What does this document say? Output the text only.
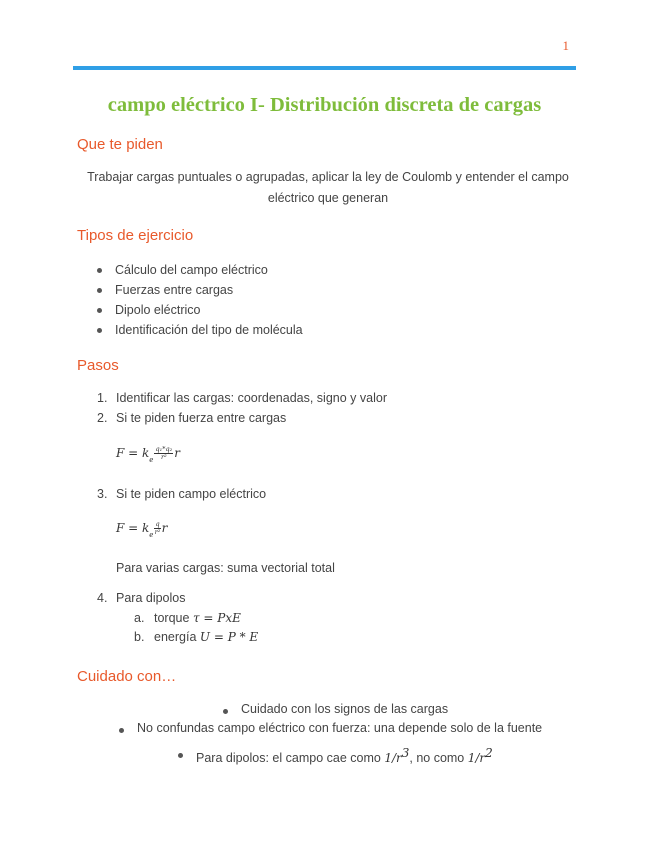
1
campo eléctrico I- Distribución discreta de cargas
Que te piden
Trabajar cargas puntuales o agrupadas, aplicar la ley de Coulomb y entender el campo
eléctrico que generan
Tipos de ejercicio
Cálculo del campo eléctrico
Fuerzas entre cargas
Dipolo eléctrico
Identificación del tipo de molécula
Pasos
1. Identificar las cargas: coordenadas, signo y valor
2. Si te piden fuerza entre cargas
$F = k_e \frac{\text{q₁*q₂}}{\text{r²}}$ r
3. Si te piden campo eléctrico
$F = k_e \frac{q}{\text{r²}}$ r
Para varias cargas: suma vectorial total
4. Para dipolos
a. torque τ = PxE
b. energía U = P * E
Cuidado con…
Cuidado con los signos de las cargas
No confundas campo eléctrico con fuerza: una depende solo de la fuente
Para dipolos: el campo cae como $1/r^3$, no como $1/r^2$
